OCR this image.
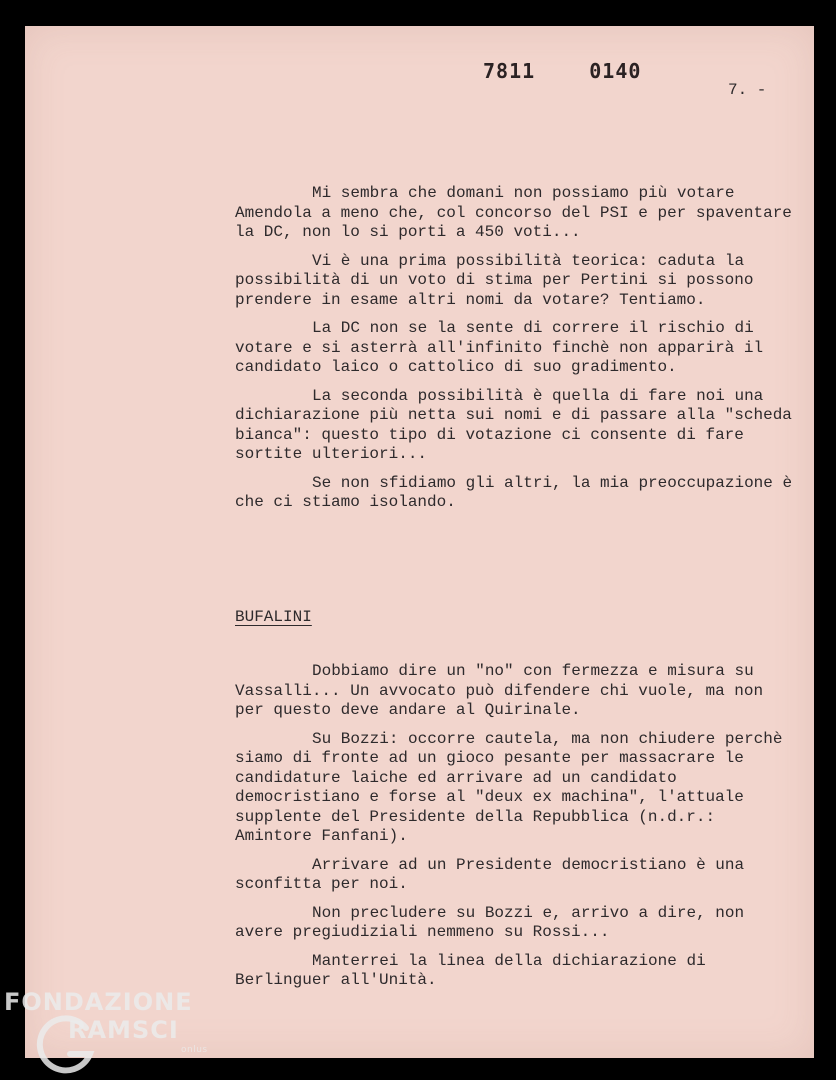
7811  0140
7. -

Mi sembra che domani non possiamo più votare Amendola a meno che, col concorso del PSI e per spaventare la DC, non lo si porti a 450 voti...

Vi è una prima possibilità teorica: caduta la possibilità di un voto di stima per Pertini si possono prendere in esame altri nomi da votare? Tentiamo.

La DC non se la sente di correre il rischio di votare e si asterrà all'infinito finchè non apparirà il candidato laico o cattolico di suo gradimento.

La seconda possibilità è quella di fare noi una dichiarazione più netta sui nomi e di passare alla "scheda bianca": questo tipo di votazione ci consente di fare sortite ulteriori...

Se non sfidiamo gli altri, la mia preoccupazione è che ci stiamo isolando.

BUFALINI

Dobbiamo dire un "no" con fermezza e misura su Vassalli... Un avvocato può difendere chi vuole, ma non per questo deve andare al Quirinale.

Su Bozzi: occorre cautela, ma non chiudere perchè siamo di fronte ad un gioco pesante per massacrare le candidature laiche ed arrivare ad un candidato democristiano e forse al "deux ex machina", l'attuale supplente del Presidente della Repubblica (n.d.r.: Amintore Fanfani).

Arrivare ad un Presidente democristiano è una sconfitta per noi.

Non precludere su Bozzi e, arrivo a dire, non avere pregiudiziali nemmeno su Rossi...

Manterrei la linea della dichiarazione di Berlinguer all'Unità.

FONDAZIONE
RAMSCI
onlus
